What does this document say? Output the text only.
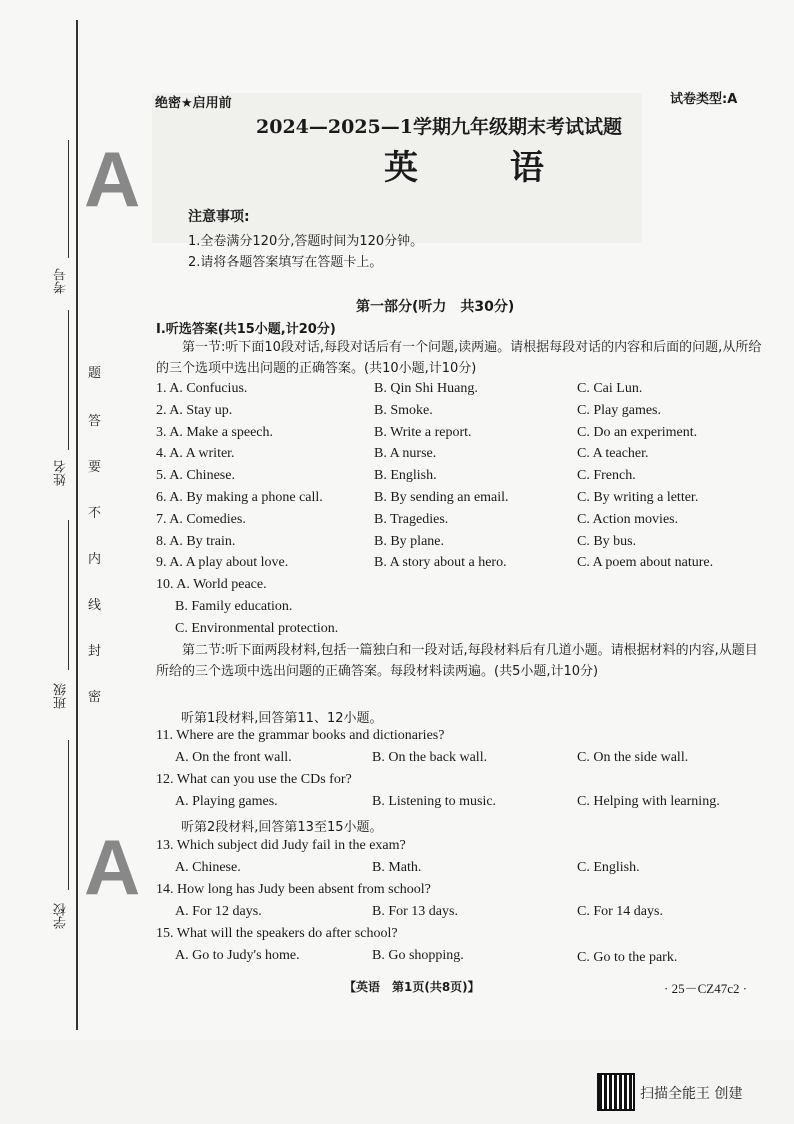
A
A
考号
姓名
班级
学校
题
答
要
不
内
线
封
密
绝密★启用前	试卷类型:A
2024—2025—1学期九年级期末考试试题
英 语
注意事项:
1.全卷满分120分,答题时间为120分钟。
2.请将各题答案填写在答题卡上。
第一部分(听力　共30分)
Ⅰ.听选答案(共15小题,计20分)
第一节:听下面10段对话,每段对话后有一个问题,读两遍。请根据每段对话的内容和后面的问题,从所给的三个选项中选出问题的正确答案。(共10小题,计10分)
1. A. Confucius.	B. Qin Shi Huang.	C. Cai Lun.
2. A. Stay up.	B. Smoke.	C. Play games.
3. A. Make a speech.	B. Write a report.	C. Do an experiment.
4. A. A writer.	B. A nurse.	C. A teacher.
5. A. Chinese.	B. English.	C. French.
6. A. By making a phone call.	B. By sending an email.	C. By writing a letter.
7. A. Comedies.	B. Tragedies.	C. Action movies.
8. A. By train.	B. By plane.	C. By bus.
9. A. A play about love.	B. A story about a hero.	C. A poem about nature.
10. A. World peace.
B. Family education.
C. Environmental protection.
第二节:听下面两段材料,包括一篇独白和一段对话,每段材料后有几道小题。请根据材料的内容,从题目所给的三个选项中选出问题的正确答案。每段材料读两遍。(共5小题,计10分)
听第1段材料,回答第11、12小题。
11. Where are the grammar books and dictionaries?
A. On the front wall.	B. On the back wall.	C. On the side wall.
12. What can you use the CDs for?
A. Playing games.	B. Listening to music.	C. Helping with learning.
听第2段材料,回答第13至15小题。
13. Which subject did Judy fail in the exam?
A. Chinese.	B. Math.	C. English.
14. How long has Judy been absent from school?
A. For 12 days.	B. For 13 days.	C. For 14 days.
15. What will the speakers do after school?
A. Go to Judy's home.	B. Go shopping.	C. Go to the park.
【英语　第1页(共8页)】	· 25－CZ47c2 ·
扫描全能王 创建
